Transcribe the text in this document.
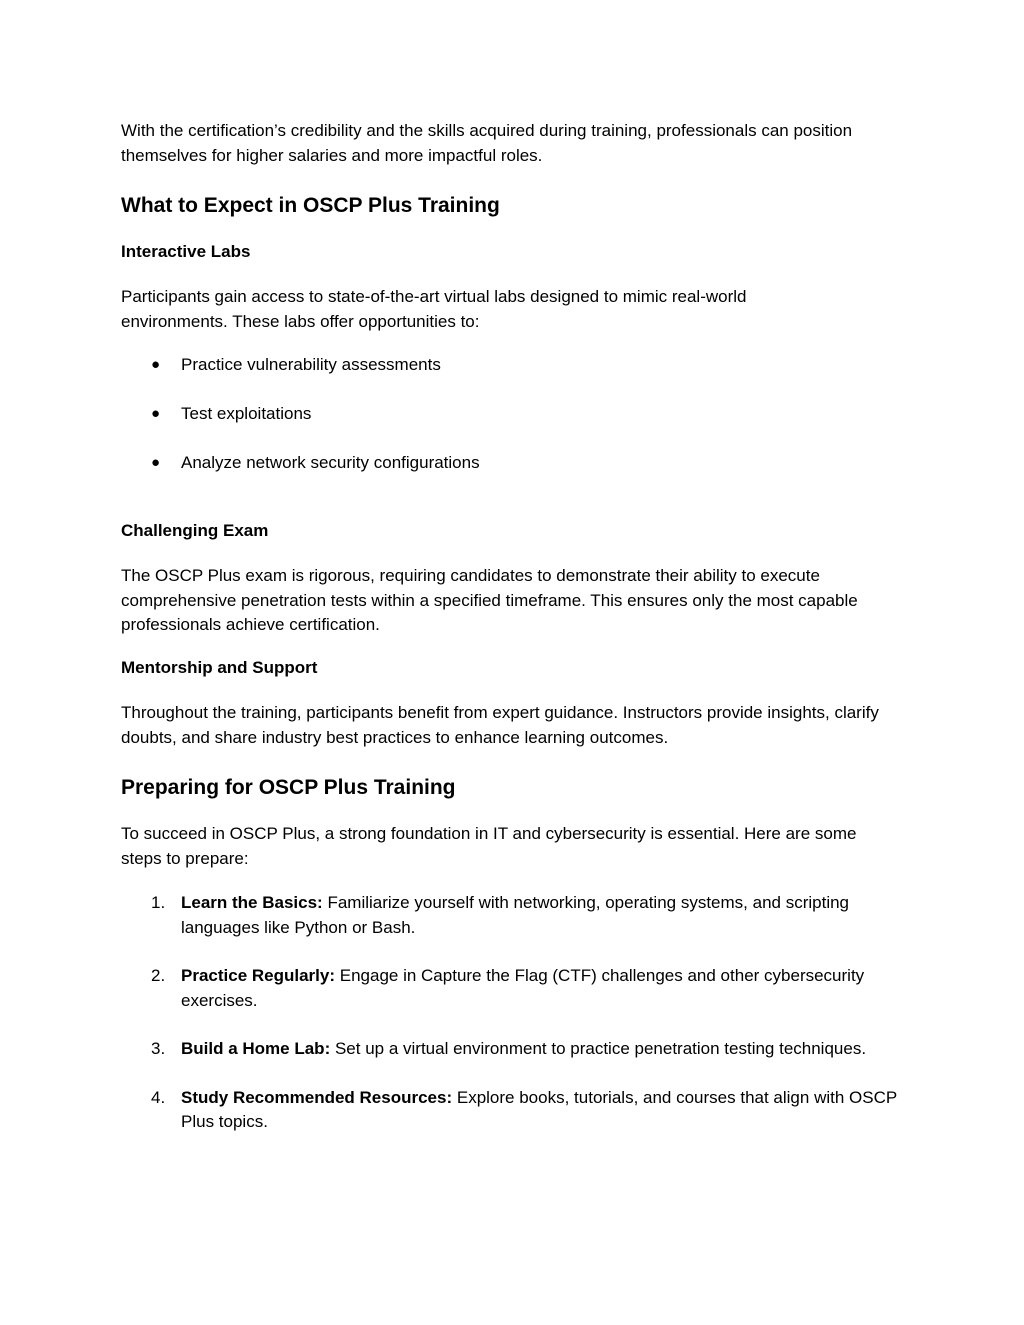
With the certification’s credibility and the skills acquired during training, professionals can position themselves for higher salaries and more impactful roles.

What to Expect in OSCP Plus Training
Interactive Labs

Participants gain access to state-of-the-art virtual labs designed to mimic real-world environments. These labs offer opportunities to:

● Practice vulnerability assessments
● Test exploitations
● Analyze network security configurations
Challenging Exam

The OSCP Plus exam is rigorous, requiring candidates to demonstrate their ability to execute comprehensive penetration tests within a specified timeframe. This ensures only the most capable professionals achieve certification.

Mentorship and Support

Throughout the training, participants benefit from expert guidance. Instructors provide insights, clarify doubts, and share industry best practices to enhance learning outcomes.

Preparing for OSCP Plus Training

To succeed in OSCP Plus, a strong foundation in IT and cybersecurity is essential. Here are some steps to prepare:

1. Learn the Basics: Familiarize yourself with networking, operating systems, and scripting languages like Python or Bash.
2. Practice Regularly: Engage in Capture the Flag (CTF) challenges and other cybersecurity exercises.
3. Build a Home Lab: Set up a virtual environment to practice penetration testing techniques.
4. Study Recommended Resources: Explore books, tutorials, and courses that align with OSCP Plus topics.
